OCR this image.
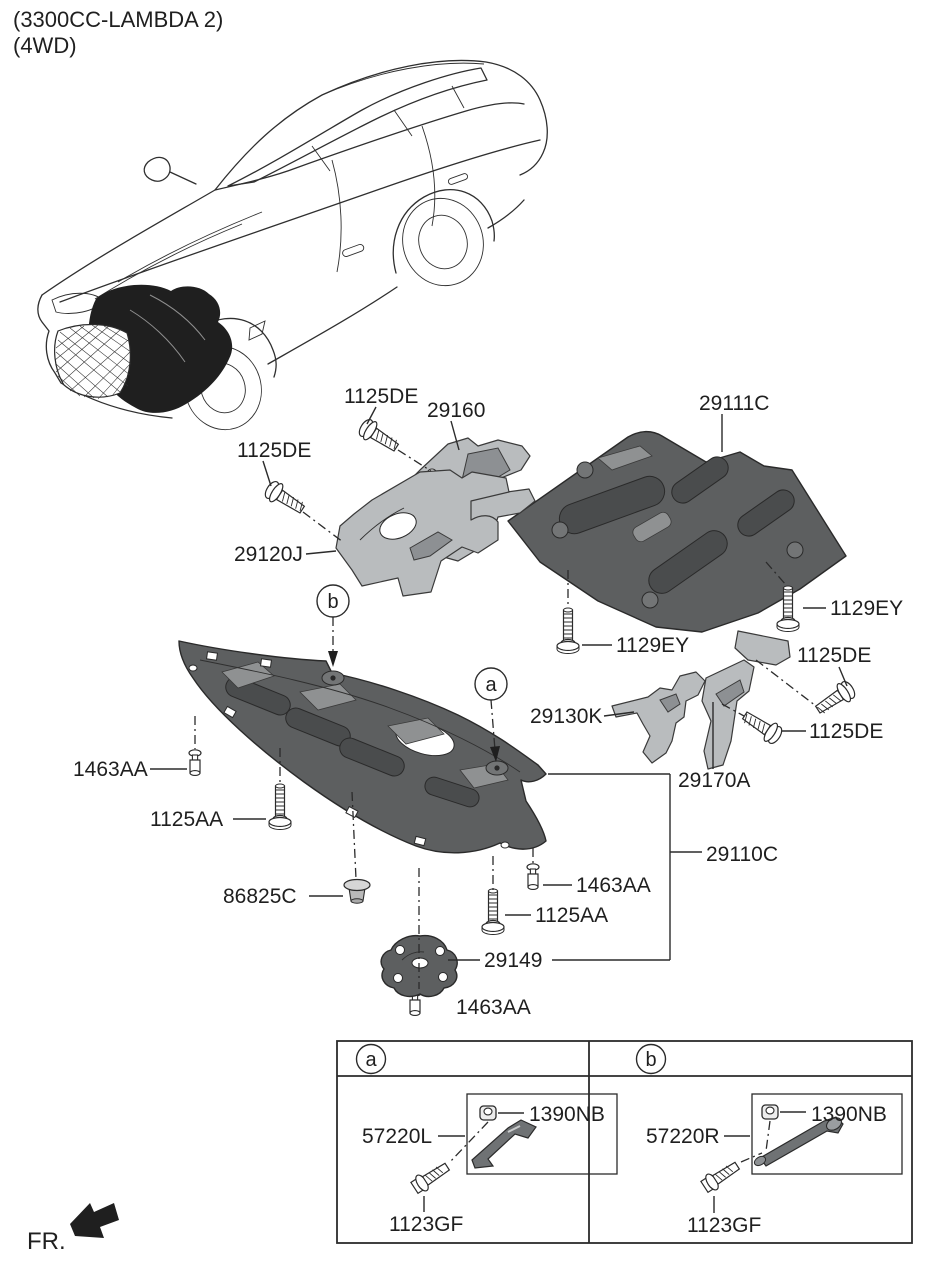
(3300CC-LAMBDA 2)
(4WD)
b
a
1125DE
29160	29111C
1129EY
1129EY
1125DE
29120J
29130K
29170A
1125DE
1125DE
1463AA
1125AA
86825C	1463AA
1125AA
29110C
29149
1463AA
a	b
57220L
1390NB
1123GF
57220R
1390NB
1123GF
FR.
